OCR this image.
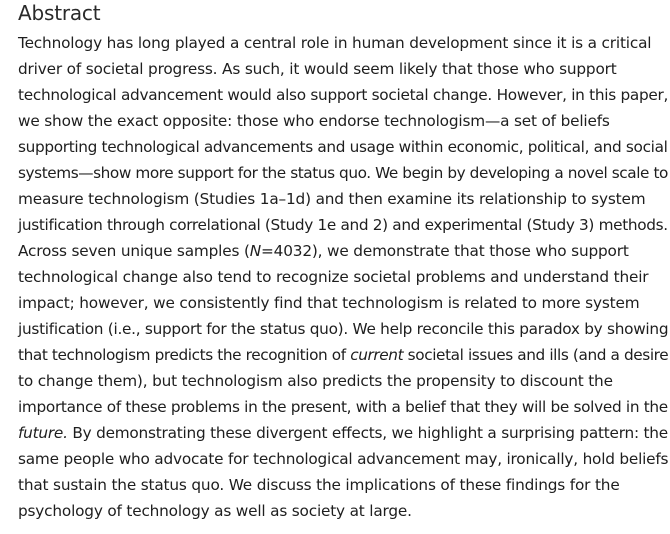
Abstract
Technology has long played a central role in human development since it is a critical
driver of societal progress. As such, it would seem likely that those who support
technological advancement would also support societal change. However, in this paper,
we show the exact opposite: those who endorse technologism—a set of beliefs
supporting technological advancements and usage within economic, political, and social
systems—show more support for the status quo. We begin by developing a novel scale to
measure technologism (Studies 1a–1d) and then examine its relationship to system
justification through correlational (Study 1e and 2) and experimental (Study 3) methods.
Across seven unique samples (N=4032), we demonstrate that those who support
technological change also tend to recognize societal problems and understand their
impact; however, we consistently find that technologism is related to more system
justification (i.e., support for the status quo). We help reconcile this paradox by showing
that technologism predicts the recognition of current societal issues and ills (and a desire
to change them), but technologism also predicts the propensity to discount the
importance of these problems in the present, with a belief that they will be solved in the
future. By demonstrating these divergent effects, we highlight a surprising pattern: the
same people who advocate for technological advancement may, ironically, hold beliefs
that sustain the status quo. We discuss the implications of these findings for the
psychology of technology as well as society at large.
